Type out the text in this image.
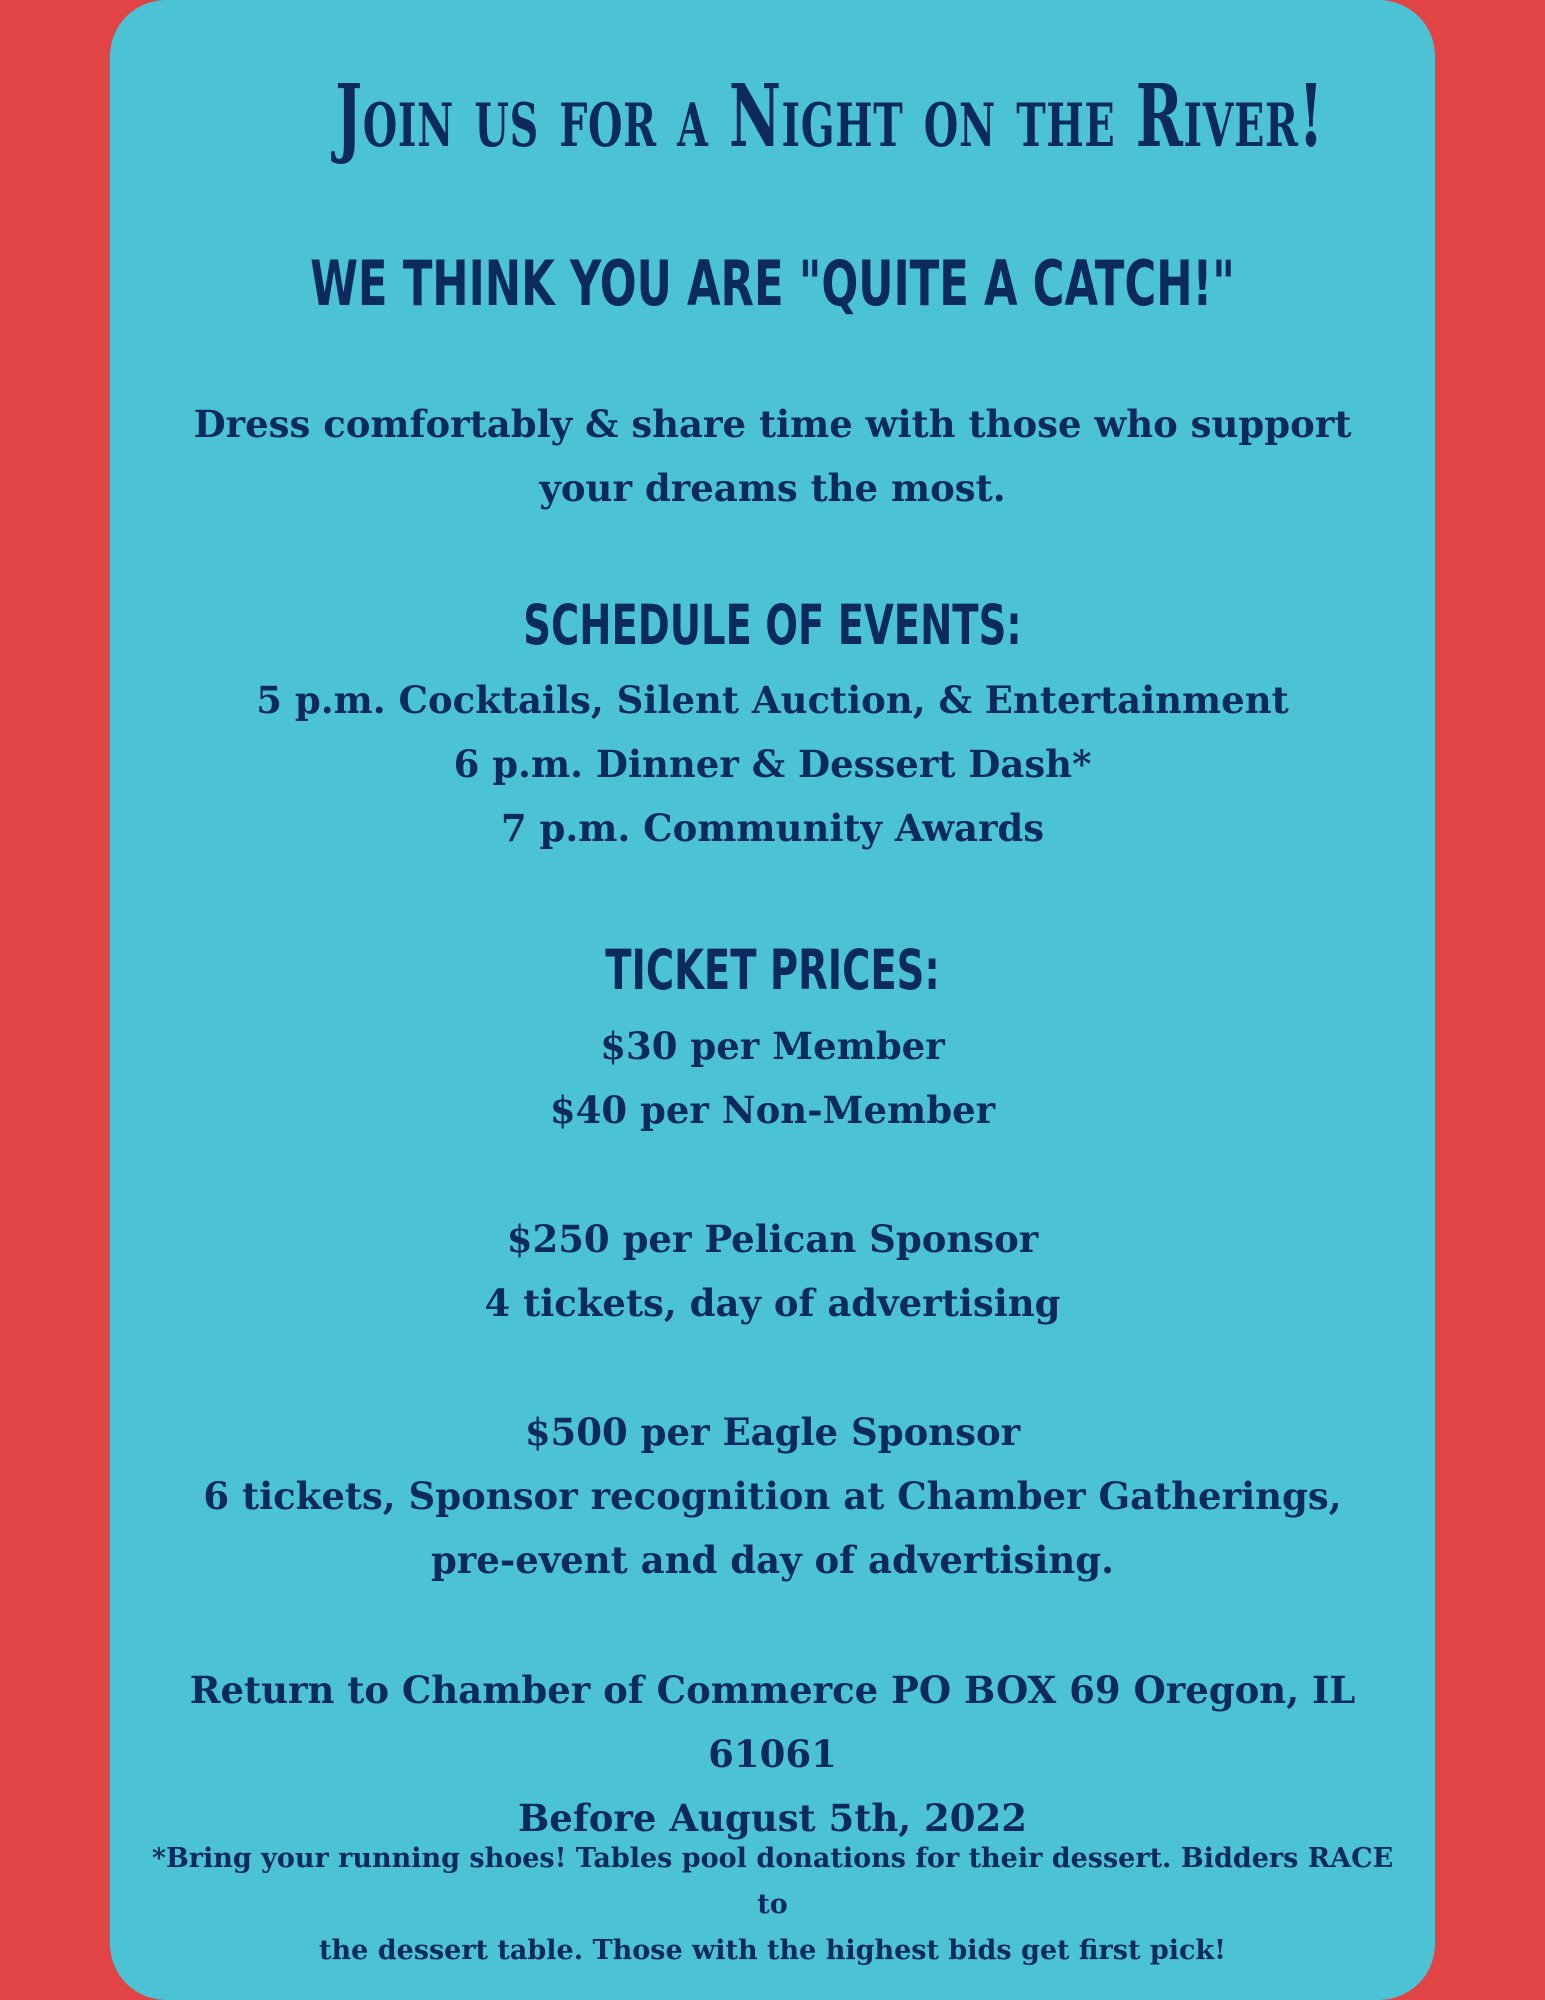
Join us for a Night on the River!
WE THINK YOU ARE "QUITE A CATCH!"
Dress comfortably & share time with those who support
your dreams the most.
SCHEDULE OF EVENTS:
5 p.m. Cocktails, Silent Auction, & Entertainment
6 p.m. Dinner & Dessert Dash*
7 p.m. Community Awards
TICKET PRICES:
$30 per Member
$40 per Non-Member
$250 per Pelican Sponsor
4 tickets, day of advertising
$500 per Eagle Sponsor
6 tickets, Sponsor recognition at Chamber Gatherings,
pre-event and day of advertising.
Return to Chamber of Commerce PO BOX 69 Oregon, IL 61061
Before August 5th, 2022
*Bring your running shoes! Tables pool donations for their dessert. Bidders RACE to
the dessert table. Those with the highest bids get first pick!
